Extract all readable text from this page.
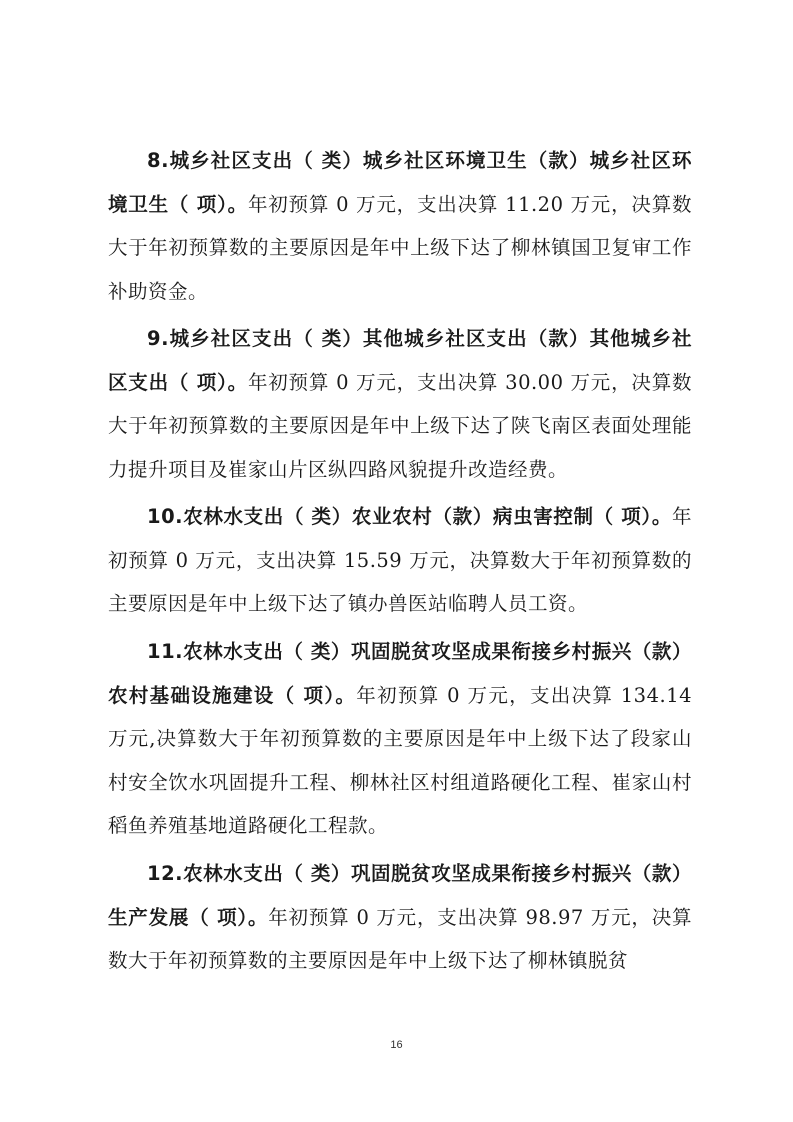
8.城乡社区支出（ 类）城乡社区环境卫生（款）城乡社区环境卫生（ 项）。年初预算 0 万元，支出决算 11.20 万元，决算数大于年初预算数的主要原因是年中上级下达了柳林镇国卫复审工作补助资金。

9.城乡社区支出（ 类）其他城乡社区支出（款）其他城乡社区支出（ 项）。年初预算 0 万元，支出决算 30.00 万元，决算数大于年初预算数的主要原因是年中上级下达了陕飞南区表面处理能力提升项目及崔家山片区纵四路风貌提升改造经费。

10.农林水支出（ 类）农业农村（款）病虫害控制（ 项）。年初预算 0 万元，支出决算 15.59 万元，决算数大于年初预算数的主要原因是年中上级下达了镇办兽医站临聘人员工资。

11.农林水支出（ 类）巩固脱贫攻坚成果衔接乡村振兴（款）农村基础设施建设（ 项）。年初预算 0 万元，支出决算 134.14 万元,决算数大于年初预算数的主要原因是年中上级下达了段家山村安全饮水巩固提升工程、柳林社区村组道路硬化工程、崔家山村稻鱼养殖基地道路硬化工程款。

12.农林水支出（ 类）巩固脱贫攻坚成果衔接乡村振兴（款）生产发展（ 项）。年初预算 0 万元，支出决算 98.97 万元，决算数大于年初预算数的主要原因是年中上级下达了柳林镇脱贫

16
